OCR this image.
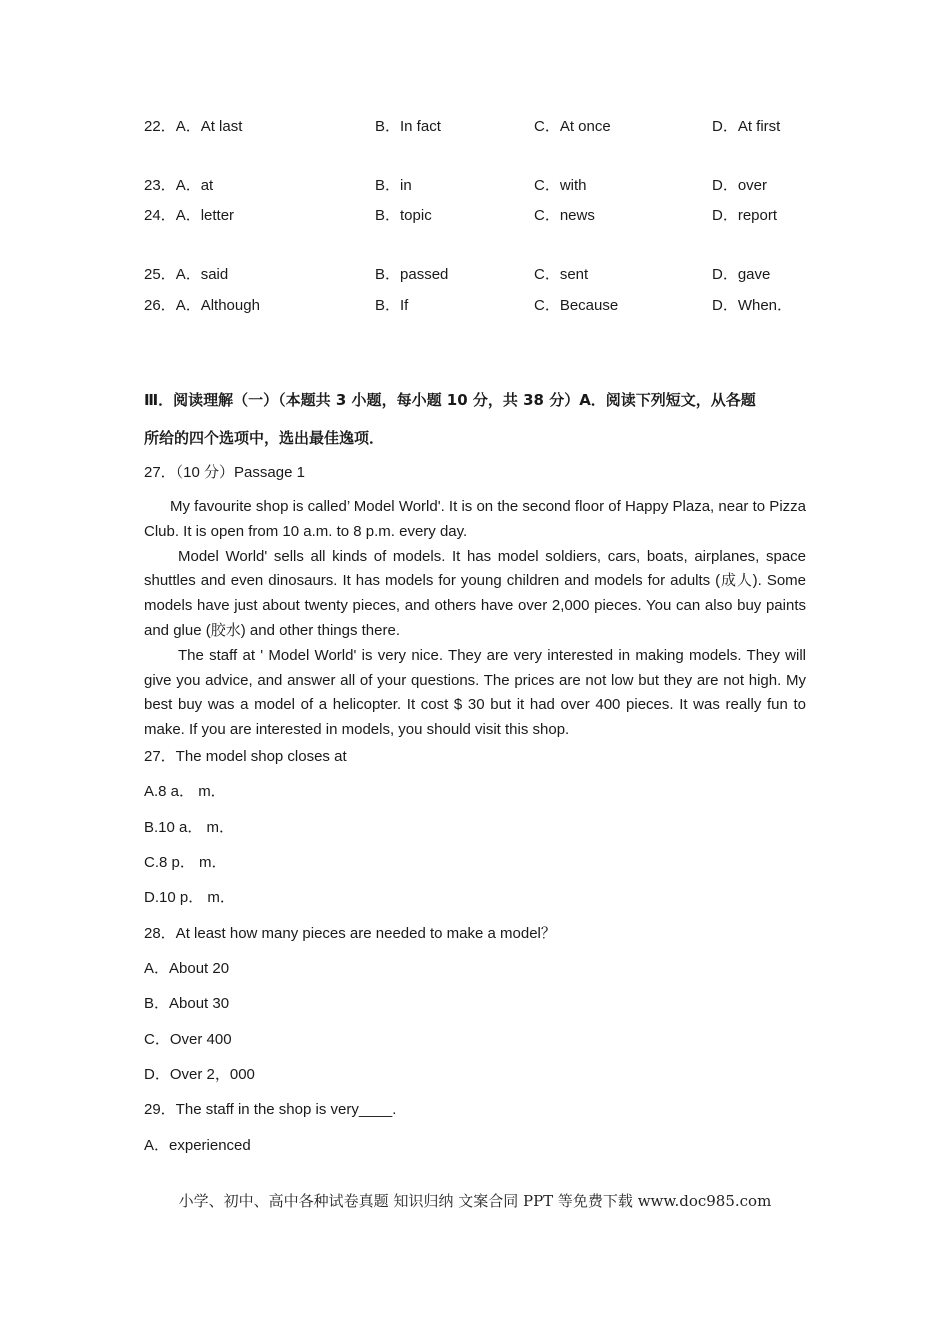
22．A．At last	B．In fact	C．At once	D．At first
23．A．at	B．in	C．with	D．over
24．A．letter	B．topic	C．news	D．report
25．A．said	B．passed	C．sent	D．gave
26．A．Although	B．If	C．Because	D．When．
Ⅲ．阅读理解（一）（本题共 3 小题，每小题 10 分，共 38 分）A．阅读下列短文，从各题
所给的四个选项中，选出最佳逸项．
27．（10 分）Passage 1

My favourite shop is called’ Model World'. It is on the second floor of Happy Plaza, near to Pizza Club. It is open from 10 a.m. to 8 p.m. every day.

Model World' sells all kinds of models. It has model soldiers, cars, boats, airplanes, space shuttles and even dinosaurs. It has models for young children and models for adults (成人). Some models have just about twenty pieces, and others have over 2,000 pieces. You can also buy paints and glue (胶水) and other things there.

The staff at ' Model World' is very nice. They are very interested in making models. They will give you advice, and answer all of your questions. The prices are not low but they are not high. My best buy was a model of a helicopter. It cost $ 30 but it had over 400 pieces. It was really fun to make. If you are interested in models, you should visit this shop.

27．The model shop closes at
A.8 a． m．
B.10 a． m．
C.8 p． m．
D.10 p． m．
28．At least how many pieces are needed to make a model？
A．About 20
B．About 30
C．Over 400
D．Over 2，000
29．The staff in the shop is very____.
A．experienced
小学、初中、高中各种试卷真题 知识归纳 文案合同 PPT 等免费下载 www.doc985.com
